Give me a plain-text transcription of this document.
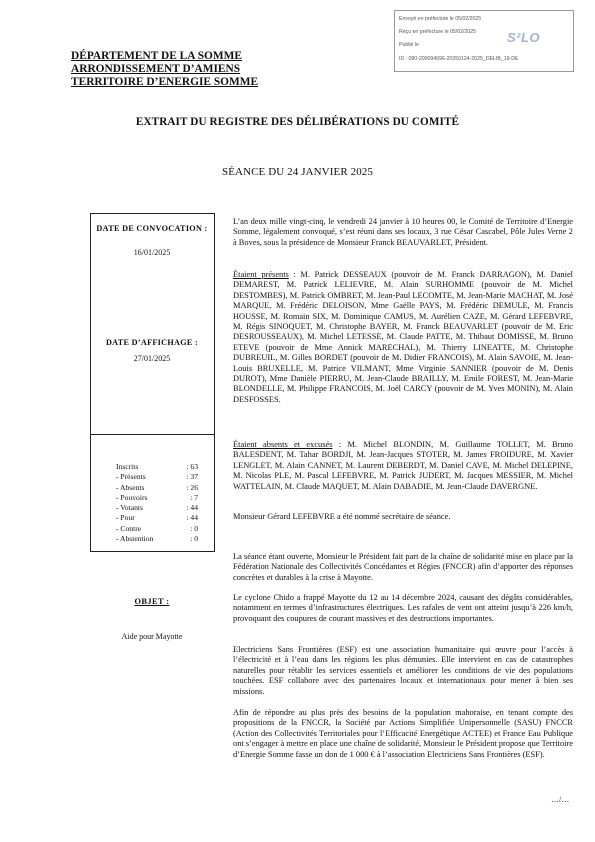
Envoyé en préfecture le 05/02/2025
Reçu en préfecture le 05/02/2025
Publié le
ID : 080-200094696-20250124-2025_DELIB_19-DE
S²LO
DÉPARTEMENT DE LA SOMME
ARRONDISSEMENT D’AMIENS
TERRITOIRE D’ENERGIE SOMME
EXTRAIT DU REGISTRE DES DÉLIBÉRATIONS DU COMITÉ
SÉANCE DU 24 JANVIER 2025
DATE DE CONVOCATION :
16/01/2025
DATE D’AFFICHAGE :
27/01/2025
Inscrits	: 63
- Présents	: 37
- Absents	: 26
- Pouvoirs	: 7
- Votants	: 44
- Pour	: 44
- Contre	: 0
- Abstention	: 0
OBJET :
Aide pour Mayotte

L’an deux mille vingt-cinq, le vendredi 24 janvier à 10 heures 00, le Comité de Territoire d’Energie Somme, légalement convoqué, s’est réuni dans ses locaux, 3 rue César Cascabel, Pôle Jules Verne 2 à Boves, sous la présidence de Monsieur Franck BEAUVARLET, Président.

Étaient présents : M. Patrick DESSEAUX (pouvoir de M. Franck DARRAGON), M. Daniel DEMAREST, M. Patrick LELIEVRE, M. Alain SURHOMME (pouvoir de M. Michel DESTOMBES), M. Patrick OMBRET, M. Jean-Paul LECOMTE, M. Jean-Marie MACHAT, M. José MARQUE, M. Frédéric DELOISON, Mme Gaëlle PAYS, M. Frédéric DEMULE, M. Francis HOUSSE, M. Romain SIX, M. Dominique CAMUS, M. Aurélien CAZE, M. Gérard LEFEBVRE, M. Régis SINOQUET, M. Christophe BAYER, M. Franck BEAUVARLET (pouvoir de M. Eric DESROUSSEAUX), M. Michel LETESSE, M. Claude PATTE, M. Thibaut DOMISSE, M. Bruno ETEVE (pouvoir de Mme Annick MARECHAL), M. Thierry LINEATTE, M. Christophe DUBREUIL, M. Gilles BORDET (pouvoir de M. Didier FRANCOIS), M. Alain SAVOIE, M. Jean-Louis BRUXELLE, M. Patrice VILMANT, Mme Virginie SANNIER (pouvoir de M. Denis DUROT), Mme Danièle PIERRU, M. Jean-Claude BRAILLY, M. Emile FOREST, M. Jean-Marie BLONDELLE, M. Philippe FRANCOIS, M. Joël CARCY (pouvoir de M. Yves MONIN), M. Alain DESFOSSES.

Étaient absents et excusés : M. Michel BLONDIN, M. Guillaume TOLLET, M. Bruno BALESDENT, M. Tahar BORDJI, M. Jean-Jacques STOTER, M. James FROIDURE, M. Xavier LENGLET, M. Alain CANNET, M. Laurent DEBERDT, M. Daniel CAVE, M. Michel DELEPINE, M. Nicolas PLE, M. Pascal LEFEBVRE, M. Patrick JUDERT, M. Jacques MESSIER, M. Michel WATTELAIN, M. Claude MAQUET, M. Alain DABADIE, M. Jean-Claude DAVERGNE.

Monsieur Gérard LEFEBVRE a été nommé secrétaire de séance.

La séance étant ouverte, Monsieur le Président fait part de la chaîne de solidarité mise en place par la Fédération Nationale des Collectivités Concédantes et Régies (FNCCR) afin d’apporter des réponses concrètes et durables à la crise à Mayotte.

Le cyclone Chido a frappé Mayotte du 12 au 14 décembre 2024, causant des dégâts considérables, notamment en termes d’infrastructures électriques. Les rafales de vent ont atteint jusqu’à 226 km/h, provoquant des coupures de courant massives et des destructions importantes.

Electriciens Sans Frontières (ESF) est une association humanitaire qui œuvre pour l’accès à l’électricité et à l’eau dans les régions les plus démunies. Elle intervient en cas de catastrophes naturelles pour rétablir les services essentiels et améliorer les conditions de vie des populations touchées. ESF collabore avec des partenaires locaux et internationaux pour mener à bien ses missions.

Afin de répondre au plus près des besoins de la population mahoraise, en tenant compte des propositions de la FNCCR, la Société par Actions Simplifiée Unipersonnelle (SASU) FNCCR (Action des Collectivités Territoriales pour l’Efficacité Energétique ACTEE) et France Eau Publique ont s’engager à mettre en place une chaîne de solidarité, Monsieur le Président propose que Territoire d’Energie Somme fasse un don de 1 000 € à l’association Electriciens Sans Frontières (ESF).

…/…
